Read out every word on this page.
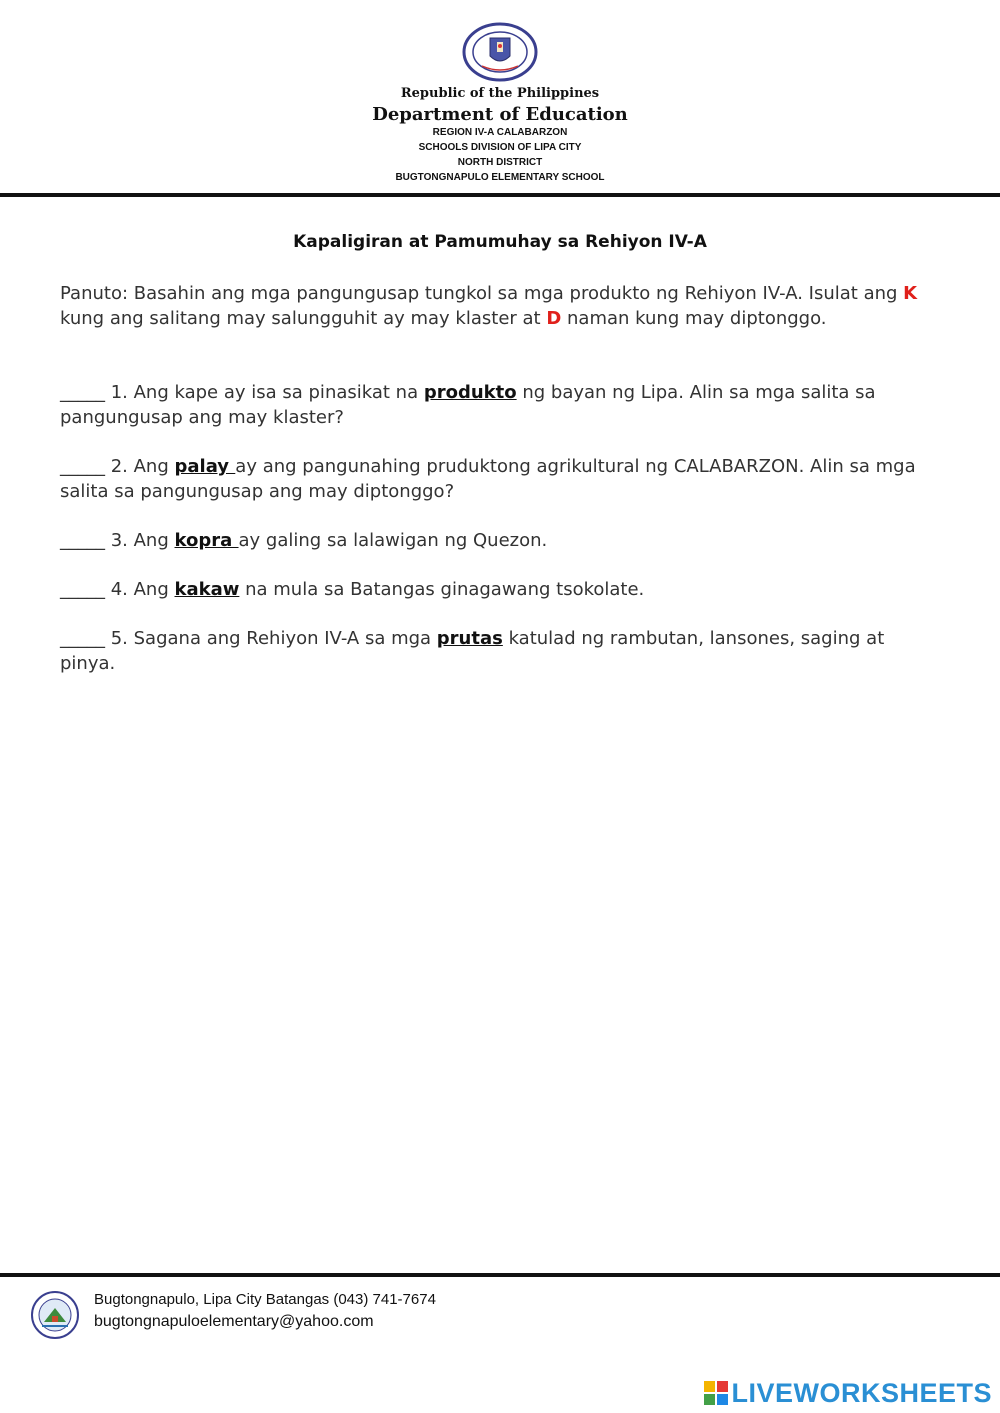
Republic of the Philippines
Department of Education
REGION IV-A CALABARZON
SCHOOLS DIVISION OF LIPA CITY
NORTH DISTRICT
BUGTONGNAPULO ELEMENTARY SCHOOL
Kapaligiran at Pamumuhay sa Rehiyon IV-A
Panuto: Basahin ang mga pangungusap tungkol sa mga produkto ng Rehiyon IV-A. Isulat ang K kung ang salitang may salungguhit ay may klaster at D naman kung may diptonggo.
_____ 1. Ang kape ay isa sa pinasikat na produkto ng bayan ng Lipa. Alin sa mga salita sa pangungusap ang may klaster?
_____ 2. Ang palay ay ang pangunahing pruduktong agrikultural ng CALABARZON. Alin sa mga salita sa pangungusap ang may diptonggo?
_____ 3. Ang kopra ay galing sa lalawigan ng Quezon.
_____ 4. Ang kakaw na mula sa Batangas ginagawang tsokolate.
_____ 5. Sagana ang Rehiyon IV-A sa mga prutas katulad ng rambutan, lansones, saging at pinya.
Bugtongnapulo, Lipa City Batangas (043) 741-7674
bugtongnapuloelementary@yahoo.com
LIVEWORKSHEETS
